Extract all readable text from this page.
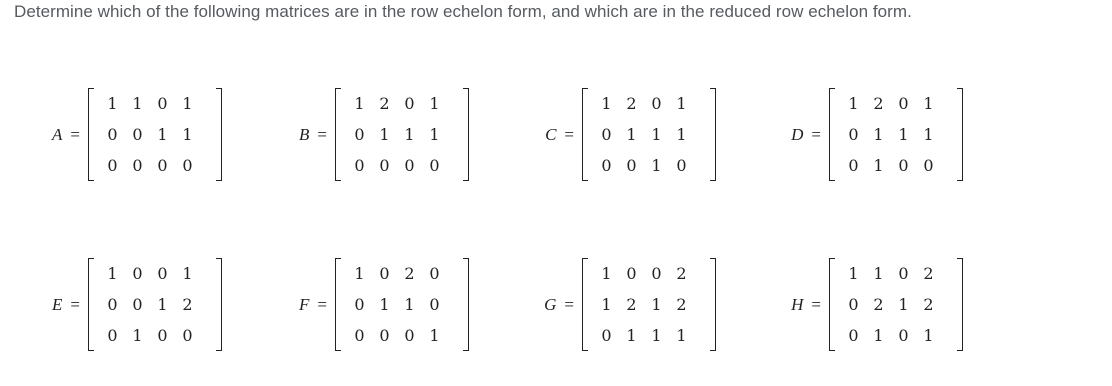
Determine which of the following matrices are in the row echelon form, and which are in the reduced row echelon form.
A =
1 1 0 1
0 0 1 1
0 0 0 0
B =
1 2 0 1
0 1 1 1
0 0 0 0
C =
1 2 0 1
0 1 1 1
0 0 1 0
D =
1 2 0 1
0 1 1 1
0 1 0 0
E =
1 0 0 1
0 0 1 2
0 1 0 0
F =
1 0 2 0
0 1 1 0
0 0 0 1
G =
1 0 0 2
1 2 1 2
0 1 1 1
H =
1 1 0 2
0 2 1 2
0 1 0 1
